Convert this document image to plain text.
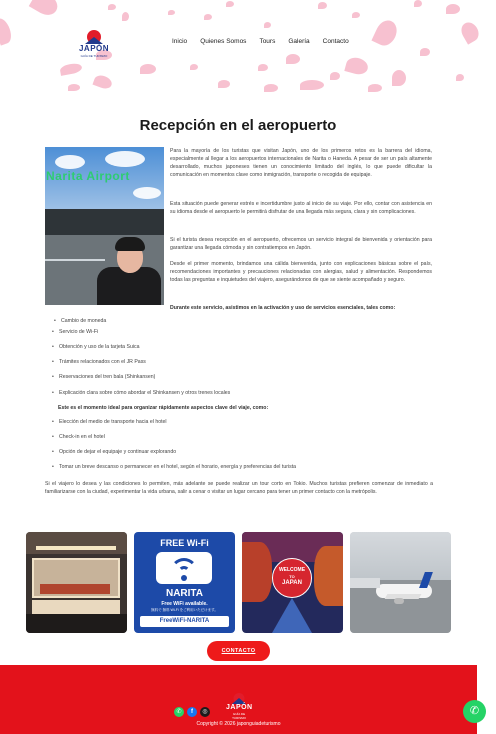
JAPÓN
GUÍA DE TURISMO
Inicio Quienes Somos Tours Galería Contacto
Recepción en el aeropuerto
Narita Airport

Para la mayoría de los turistas que visitan Japón, uno de los primeros retos es la barrera del idioma, especialmente al llegar a los aeropuertos internacionales de Narita o Haneda. A pesar de ser un país altamente desarrollado, muchos japoneses tienen un conocimiento limitado del inglés, lo que puede dificultar la comunicación en momentos clave como inmigración, transporte o recogida de equipaje.

Esta situación puede generar estrés e incertidumbre justo al inicio de su viaje. Por ello, contar con asistencia en su idioma desde el aeropuerto le permitirá disfrutar de una llegada más segura, clara y sin complicaciones.

Si el turista desea recepción en el aeropuerto, ofrecemos un servicio integral de bienvenida y orientación para garantizar una llegada cómoda y sin contratiempos en Japón.

Desde el primer momento, brindamos una cálida bienvenida, junto con explicaciones básicas sobre el país, recomendaciones importantes y precauciones relacionadas con alergias, salud y alimentación. Respondemos todas las preguntas e inquietudes del viajero, asegurándonos de que se siente acompañado y seguro.

Durante este servicio, asistimos en la activación y uso de servicios esenciales, tales como:

• Cambio de moneda
• Servicio de Wi-Fi
• Obtención y uso de la tarjeta Suica
• Trámites relacionados con el JR Pass
• Reservaciones del tren bala (Shinkansen)
• Explicación clara sobre cómo abordar el Shinkansen y otros trenes locales

Este es el momento ideal para organizar rápidamente aspectos clave del viaje, como:

• Elección del medio de transporte hacia el hotel
• Check-in en el hotel
• Opción de dejar el equipaje y continuar explorando
• Tomar un breve descanso o permanecer en el hotel, según el horario, energía y preferencias del turista

Si el viajero lo desea y las condiciones lo permiten, más adelante se puede realizar un tour corto en Tokio. Muchos turistas prefieren comenzar de inmediato a familiarizarse con la ciudad, experimentar la vida urbana, salir a cenar o visitar un lugar cercano para tener un primer contacto con la metrópolis.

FREE Wi-Fi
NARITA
Free WiFi available.
無料で 無料 Wi-Fi をご利用いただけます。
FreeWiFi-NARITA
WELCOME
TO
JAPAN
CONTACTO
JAPÓN
GUÍA DE TURISMO
✆	f	◎
Copyright © 2026 japonguiadeturismo
✆
